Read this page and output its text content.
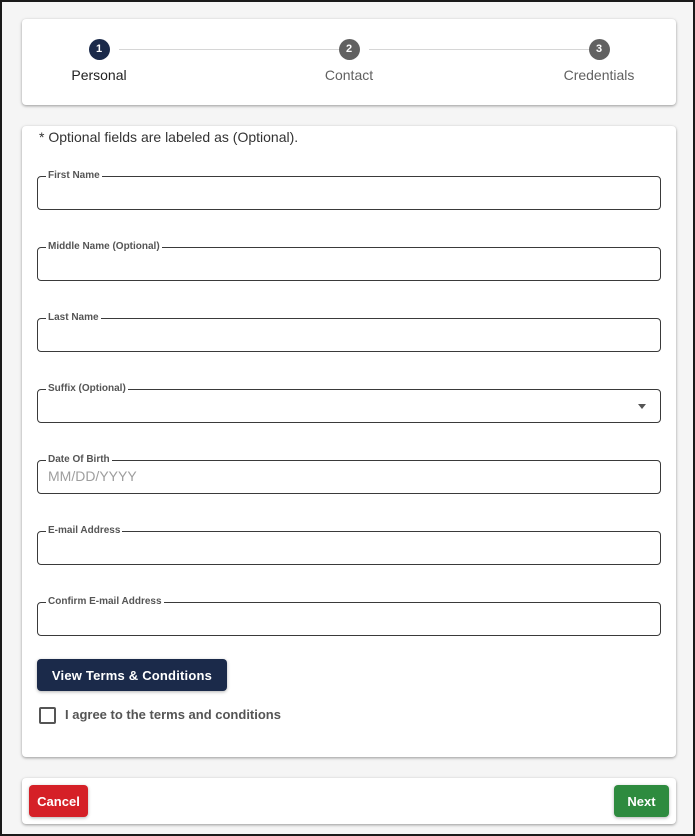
1
Personal
2
Contact
3
Credentials
* Optional fields are labeled as (Optional).
First Name
Middle Name (Optional)
Last Name
Suffix (Optional)
Date Of Birth
MM/DD/YYYY
E-mail Address
Confirm E-mail Address
View Terms & Conditions
I agree to the terms and conditions
Cancel	Next
